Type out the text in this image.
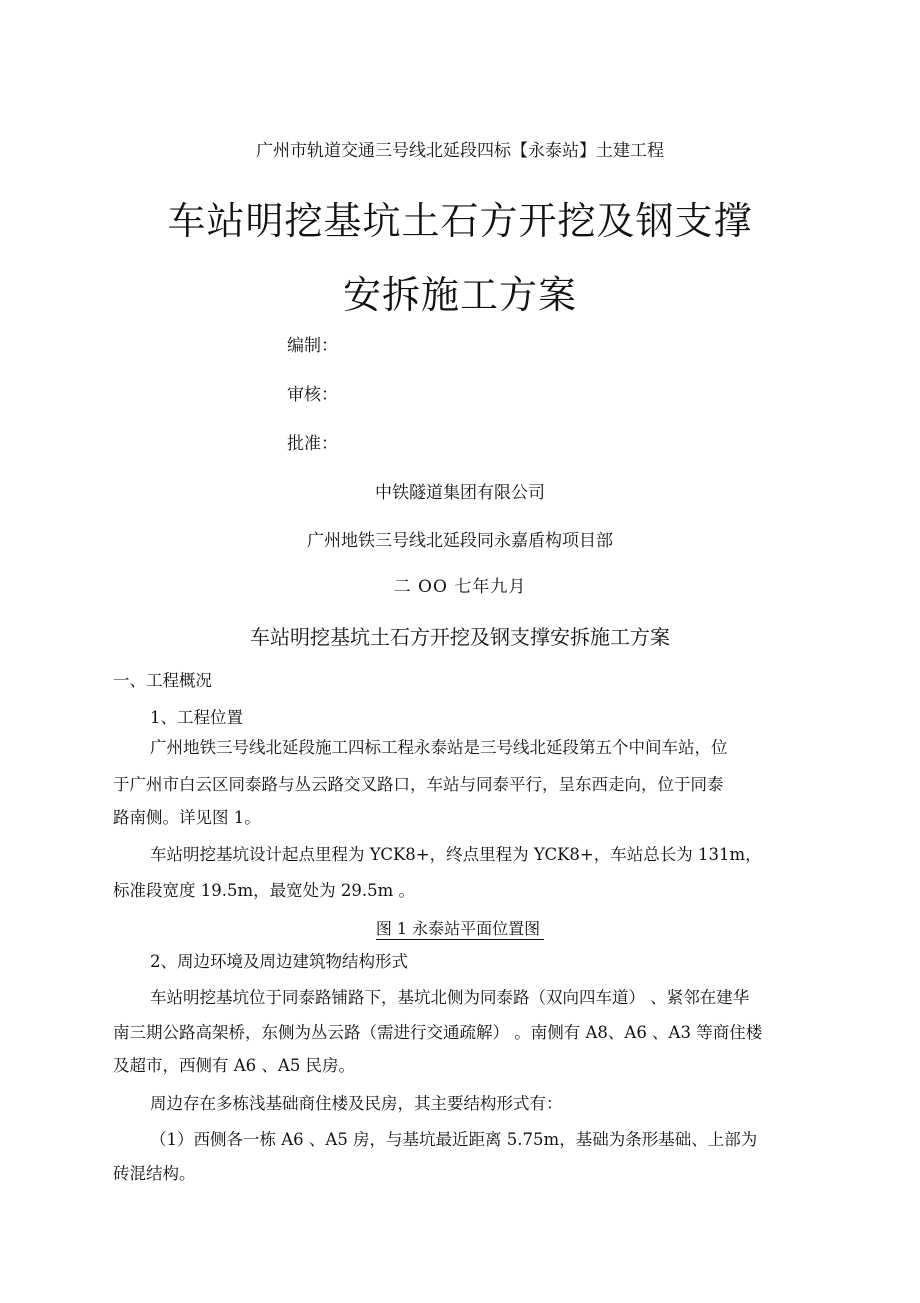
广州市轨道交通三号线北延段四标【永泰站】土建工程
车站明挖基坑土石方开挖及钢支撑
安拆施工方案
编制：
审核：
批准：
中铁隧道集团有限公司
广州地铁三号线北延段同永嘉盾构项目部
二 OO 七年九月
车站明挖基坑土石方开挖及钢支撑安拆施工方案
一、工程概况
1、工程位置
广州地铁三号线北延段施工四标工程永泰站是三号线北延段第五个中间车站，位
于广州市白云区同泰路与丛云路交叉路口，车站与同泰平行，呈东西走向，位于同泰
路南侧。详见图 1。
车站明挖基坑设计起点里程为 YCK8+，终点里程为 YCK8+，车站总长为 131m，
标准段宽度 19.5m，最宽处为 29.5m 。
图 1 永泰站平面位置图
2、周边环境及周边建筑物结构形式
车站明挖基坑位于同泰路铺路下，基坑北侧为同泰路（双向四车道） 、紧邻在建华
南三期公路高架桥，东侧为丛云路（需进行交通疏解） 。南侧有 A8、A6 、A3 等商住楼
及超市，西侧有 A6 、A5 民房。
周边存在多栋浅基础商住楼及民房，其主要结构形式有：
（1）西侧各一栋 A6 、A5 房，与基坑最近距离 5.75m，基础为条形基础、上部为
砖混结构。
